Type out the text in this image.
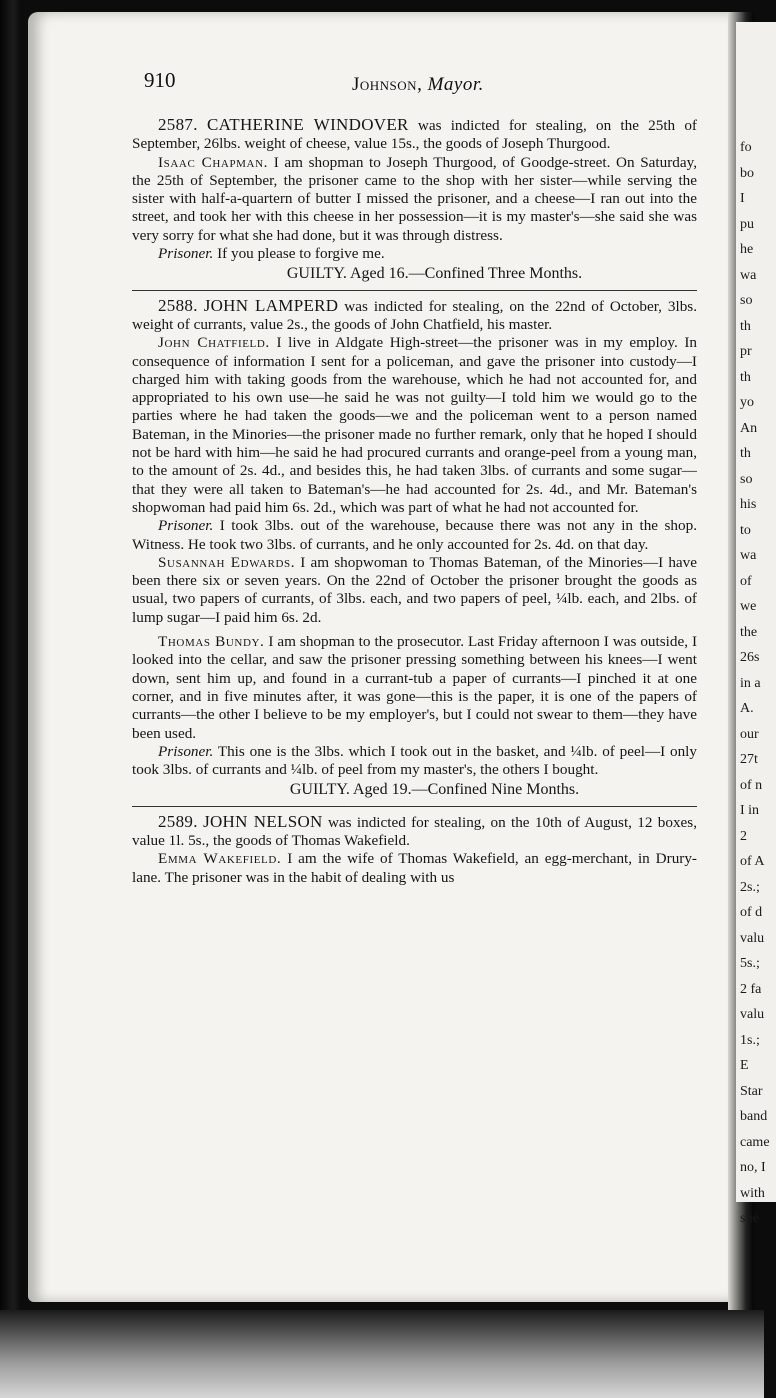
fo
bo
I
pu
he
wa
so
th
pr
th
yo
An
th
so
his
to
wa
of
we
the
26s
in a
A.
our
27t
of n
I in
2
of A
2s.;
of d
valu
5s.;
2 fa
valu
1s.;
E
Star
band
came
no, I
with
she
910	Johnson, Mayor.

2587. CATHERINE WINDOVER was indicted for stealing, on the 25th of September, 26lbs. weight of cheese, value 15s., the goods of Joseph Thurgood.

Isaac Chapman. I am shopman to Joseph Thurgood, of Goodge-street. On Saturday, the 25th of September, the prisoner came to the shop with her sister—while serving the sister with half-a-quartern of butter I missed the prisoner, and a cheese—I ran out into the street, and took her with this cheese in her possession—it is my master's—she said she was very sorry for what she had done, but it was through distress.

Prisoner. If you please to forgive me.

GUILTY. Aged 16.—Confined Three Months.

2588. JOHN LAMPERD was indicted for stealing, on the 22nd of October, 3lbs. weight of currants, value 2s., the goods of John Chatfield, his master.

John Chatfield. I live in Aldgate High-street—the prisoner was in my employ. In consequence of information I sent for a policeman, and gave the prisoner into custody—I charged him with taking goods from the warehouse, which he had not accounted for, and appropriated to his own use—he said he was not guilty—I told him we would go to the parties where he had taken the goods—we and the policeman went to a person named Bateman, in the Minories—the prisoner made no further remark, only that he hoped I should not be hard with him—he said he had procured currants and orange-peel from a young man, to the amount of 2s. 4d., and besides this, he had taken 3lbs. of currants and some sugar—that they were all taken to Bateman's—he had accounted for 2s. 4d., and Mr. Bateman's shopwoman had paid him 6s. 2d., which was part of what he had not accounted for.

Prisoner. I took 3lbs. out of the warehouse, because there was not any in the shop. Witness. He took two 3lbs. of currants, and he only accounted for 2s. 4d. on that day.

Susannah Edwards. I am shopwoman to Thomas Bateman, of the Minories—I have been there six or seven years. On the 22nd of October the prisoner brought the goods as usual, two papers of currants, of 3lbs. each, and two papers of peel, ¼lb. each, and 2lbs. of lump sugar—I paid him 6s. 2d.

Thomas Bundy. I am shopman to the prosecutor. Last Friday afternoon I was outside, I looked into the cellar, and saw the prisoner pressing something between his knees—I went down, sent him up, and found in a currant-tub a paper of currants—I pinched it at one corner, and in five minutes after, it was gone—this is the paper, it is one of the papers of currants—the other I believe to be my employer's, but I could not swear to them—they have been used.

Prisoner. This one is the 3lbs. which I took out in the basket, and ¼lb. of peel—I only took 3lbs. of currants and ¼lb. of peel from my master's, the others I bought.

GUILTY. Aged 19.—Confined Nine Months.

2589. JOHN NELSON was indicted for stealing, on the 10th of August, 12 boxes, value 1l. 5s., the goods of Thomas Wakefield.

Emma Wakefield. I am the wife of Thomas Wakefield, an egg-merchant, in Drury-lane. The prisoner was in the habit of dealing with us
